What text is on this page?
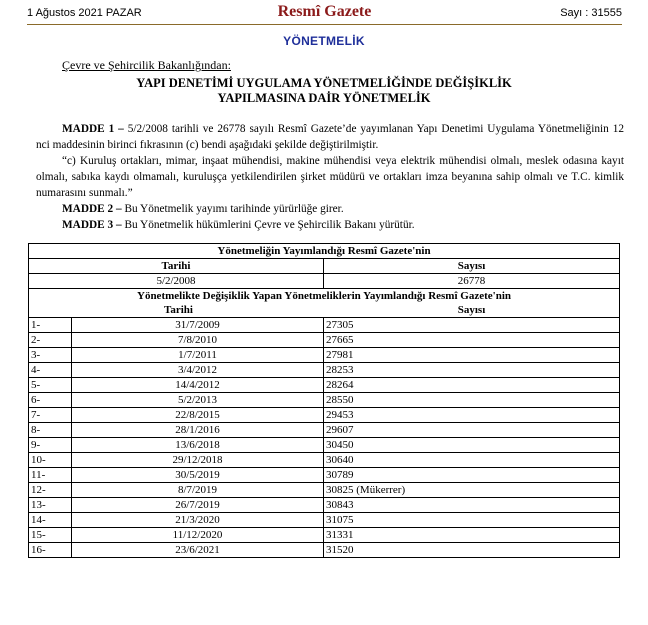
1 Ağustos 2021 PAZAR	Resmî Gazete	Sayı : 31555
YÖNETMELİK
Çevre ve Şehircilik Bakanlığından:
YAPI DENETİMİ UYGULAMA YÖNETMELİĞİNDE DEĞİŞİKLİK
YAPILMASINA DAİR YÖNETMELİK

MADDE 1 – 5/2/2008 tarihli ve 26778 sayılı Resmî Gazete’de yayımlanan Yapı Denetimi Uygulama Yönetmeliğinin 12 nci maddesinin birinci fıkrasının (c) bendi aşağıdaki şekilde değiştirilmiştir.

“c) Kuruluş ortakları, mimar, inşaat mühendisi, makine mühendisi veya elektrik mühendisi olmalı, meslek odasına kayıt olmalı, sabıka kaydı olmamalı, kuruluşça yetkilendirilen şirket müdürü ve ortakları imza beyanına sahip olmalı ve T.C. kimlik numarasını sunmalı.”

MADDE 2 – Bu Yönetmelik yayımı tarihinde yürürlüğe girer.

MADDE 3 – Bu Yönetmelik hükümlerini Çevre ve Şehircilik Bakanı yürütür.

Yönetmeliğin Yayımlandığı Resmî Gazete'nin		
Tarihi		Sayısı
5/2/2008		26778

Yönetmelikte Değişiklik Yapan Yönetmeliklerin Yayımlandığı Resmî Gazete'nin
Tarihi Sayısı		

1-	31/7/2009	27305
2-	7/8/2010	27665
3-	1/7/2011	27981
4-	3/4/2012	28253
5-	14/4/2012	28264
6-	5/2/2013	28550
7-	22/8/2015	29453
8-	28/1/2016	29607
9-	13/6/2018	30450
10-	29/12/2018	30640
11-	30/5/2019	30789
12-	8/7/2019	30825 (Mükerrer)
13-	26/7/2019	30843
14-	21/3/2020	31075
15-	11/12/2020	31331
16-	23/6/2021	31520
